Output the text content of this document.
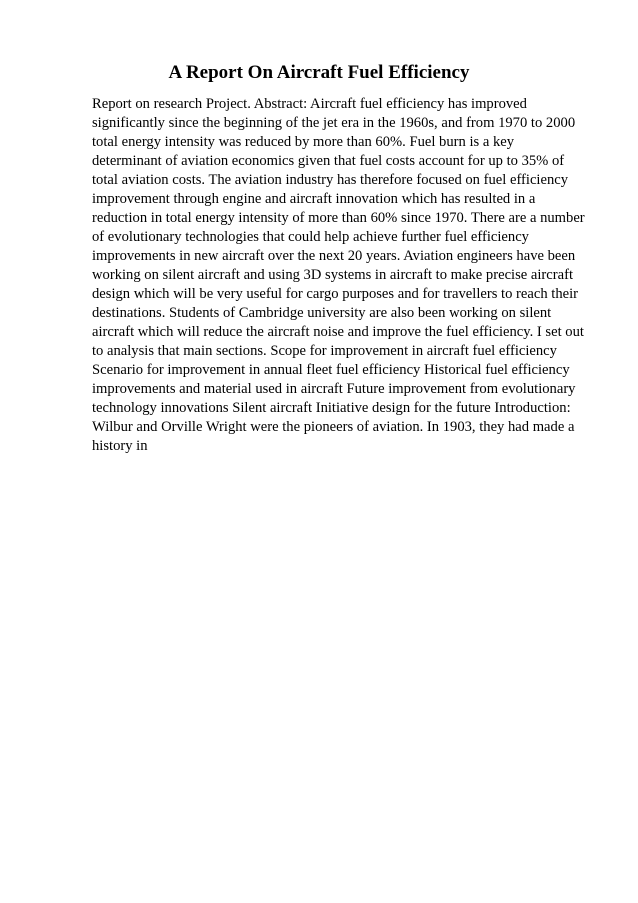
A Report On Aircraft Fuel Efficiency
Report on research Project. Abstract: Aircraft fuel efficiency has improved
significantly since the beginning of the jet era in the 1960s, and from 1970 to 2000
total energy intensity was reduced by more than 60%. Fuel burn is a key
determinant of aviation economics given that fuel costs account for up to 35% of
total aviation costs. The aviation industry has therefore focused on fuel efficiency
improvement through engine and aircraft innovation which has resulted in a
reduction in total energy intensity of more than 60% since 1970. There are a number
of evolutionary technologies that could help achieve further fuel efficiency
improvements in new aircraft over the next 20 years. Aviation engineers have been
working on silent aircraft and using 3D systems in aircraft to make precise aircraft
design which will be very useful for cargo purposes and for travellers to reach their
destinations. Students of Cambridge university are also been working on silent
aircraft which will reduce the aircraft noise and improve the fuel efficiency. I set out
to analysis that main sections. Scope for improvement in aircraft fuel efficiency
Scenario for improvement in annual fleet fuel efficiency Historical fuel efficiency
improvements and material used in aircraft Future improvement from evolutionary
technology innovations Silent aircraft Initiative design for the future Introduction:
Wilbur and Orville Wright were the pioneers of aviation. In 1903, they had made a
history in
